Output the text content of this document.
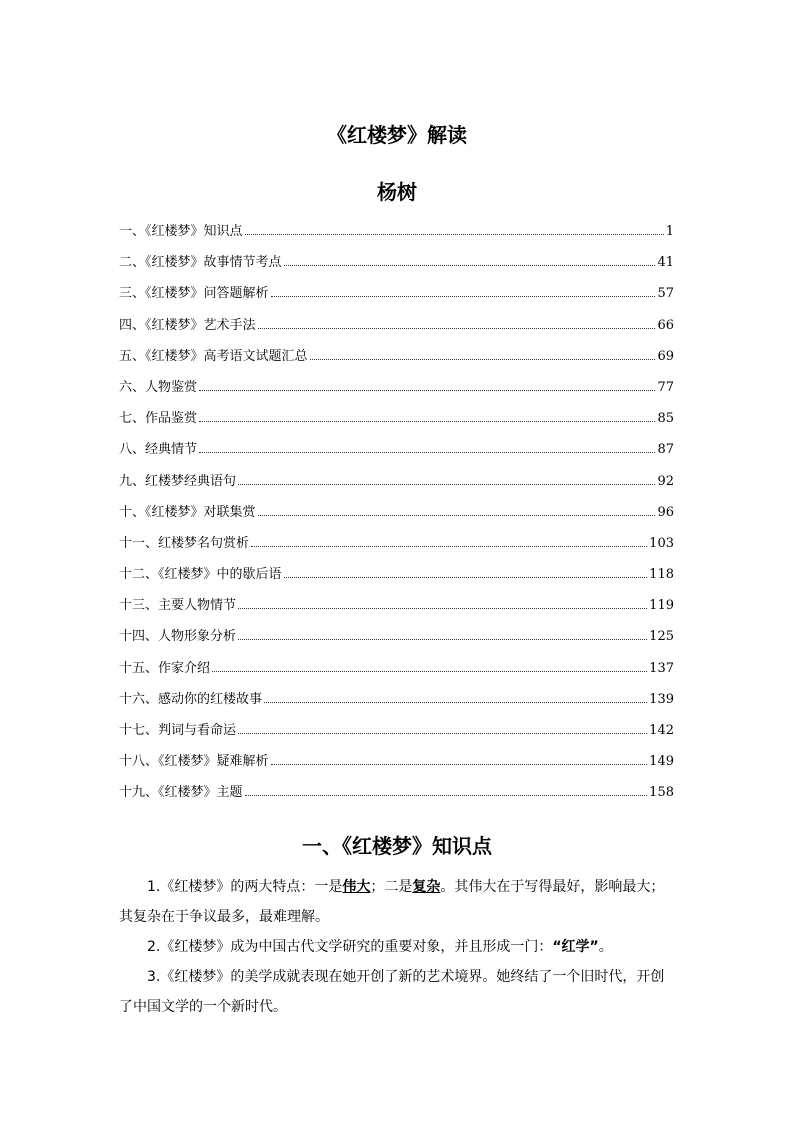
《红楼梦》解读
杨树
一、《红楼梦》知识点	1
二、《红楼梦》故事情节考点	41
三、《红楼梦》问答题解析	57
四、《红楼梦》艺术手法	66
五、《红楼梦》高考语文试题汇总	69
六、人物鉴赏	77
七、作品鉴赏	85
八、经典情节	87
九、红楼梦经典语句	92
十、《红楼梦》对联集赏	96
十一、红楼梦名句赏析	103
十二、《红楼梦》中的歇后语	118
十三、主要人物情节	119
十四、人物形象分析	125
十五、作家介绍	137
十六、感动你的红楼故事	139
十七、判词与看命运	142
十八、《红楼梦》疑难解析	149
十九、《红楼梦》主题	158
一、《红楼梦》知识点

1.《红楼梦》的两大特点：一是伟大；二是复杂。其伟大在于写得最好，影响最大；其复杂在于争议最多，最难理解。

2.《红楼梦》成为中国古代文学研究的重要对象，并且形成一门：“红学”。

3.《红楼梦》的美学成就表现在她开创了新的艺术境界。她终结了一个旧时代，开创了中国文学的一个新时代。
